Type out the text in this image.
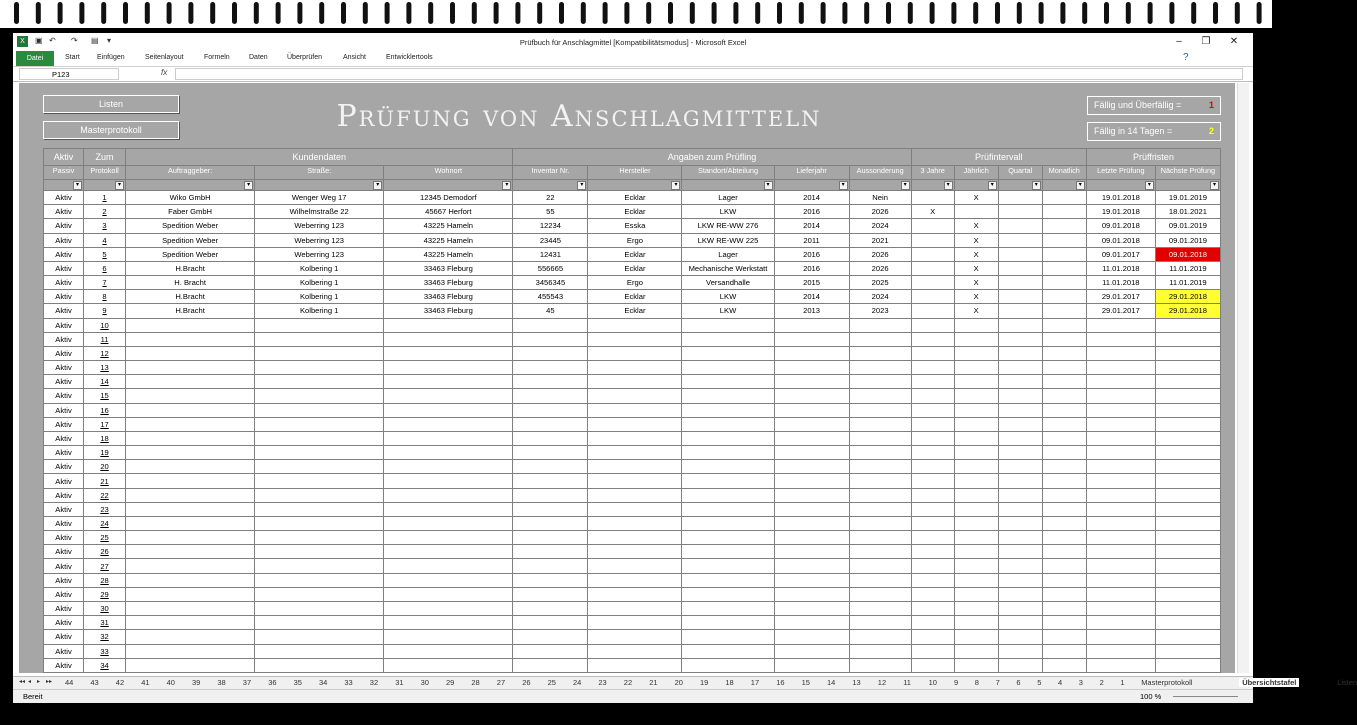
X	▣ ↶ ↷ ▤ ▾	Prüfbuch für Anschlagmittel [Kompatibilitätsmodus] - Microsoft Excel	–	❐	✕
Datei	Start Einfügen	Seitenlayout	Formeln	Daten	Überprüfen	Ansicht	Entwicklertools	?
P123	fx
Listen
Masterprotokoll	Prüfung von Anschlagmitteln	Fällig und Überfällig =	1
Fällig in 14 Tagen =	2
Aktiv	Zum	Kundendaten			Angaben zum Prüfling					Prüfintervall				Prüffristen	
Passiv	Protokoll	Auftraggeber:	Straße:	Wohnort	Inventar Nr.	Hersteller	Standort/Abteilung	Lieferjahr	Aussonderung	3 Jahre	Jährlich	Quartal	Monatlich	Letzte Prüfung	Nächste Prüfung

▾	▾	▾	▾	▾	▾	▾	▾	▾	▾	▾	▾	▾	▾	▾	▾

Aktiv	1	Wiko GmbH	Wenger Weg 17	12345 Demodorf	22	Ecklar	Lager	2014	Nein		X			19.01.2018	19.01.2019
Aktiv	2	Faber GmbH	Wilhelmstraße 22	45667 Herfort	55	Ecklar	LKW	2016	2026	X				19.01.2018	18.01.2021
Aktiv	3	Spedition Weber	Weberring 123	43225 Hameln	12234	Esska	LKW RE-WW 276	2014	2024		X			09.01.2018	09.01.2019
Aktiv	4	Spedition Weber	Weberring 123	43225 Hameln	23445	Ergo	LKW RE-WW 225	2011	2021		X			09.01.2018	09.01.2019
Aktiv	5	Spedition Weber	Weberring 123	43225 Hameln	12431	Ecklar	Lager	2016	2026		X			09.01.2017	09.01.2018
Aktiv	6	H.Bracht	Kolbering 1	33463 Fleburg	556665	Ecklar	Mechanische Werkstatt	2016	2026		X			11.01.2018	11.01.2019
Aktiv	7	H. Bracht	Kolbering 1	33463 Fleburg	3456345	Ergo	Versandhalle	2015	2025		X			11.01.2018	11.01.2019
Aktiv	8	H.Bracht	Kolbering 1	33463 Fleburg	455543	Ecklar	LKW	2014	2024		X			29.01.2017	29.01.2018
Aktiv	9	H.Bracht	Kolbering 1	33463 Fleburg	45	Ecklar	LKW	2013	2023		X			29.01.2017	29.01.2018
Aktiv	10														
Aktiv	11														
Aktiv	12														
Aktiv	13														
Aktiv	14														
Aktiv	15														
Aktiv	16														
Aktiv	17														
Aktiv	18														
Aktiv	19														
Aktiv	20														
Aktiv	21														
Aktiv	22														
Aktiv	23														
Aktiv	24														
Aktiv	25														
Aktiv	26														
Aktiv	27														
Aktiv	28														
Aktiv	29														
Aktiv	30														
Aktiv	31														
Aktiv	32														
Aktiv	33														
Aktiv	34														
◂◂ ◂ ▸ ▸▸ 44 43 42 41 40 39 38 37 36 35 34 33 32 31 30 29 28 27 26 25 24 23 22 21 20 19 18 17 16 15 14 13 12 11 10 9 8 7 6 5 4 3 2 1 Masterprotokoll	Übersichtstafel	Listen
Bereit	100 %
